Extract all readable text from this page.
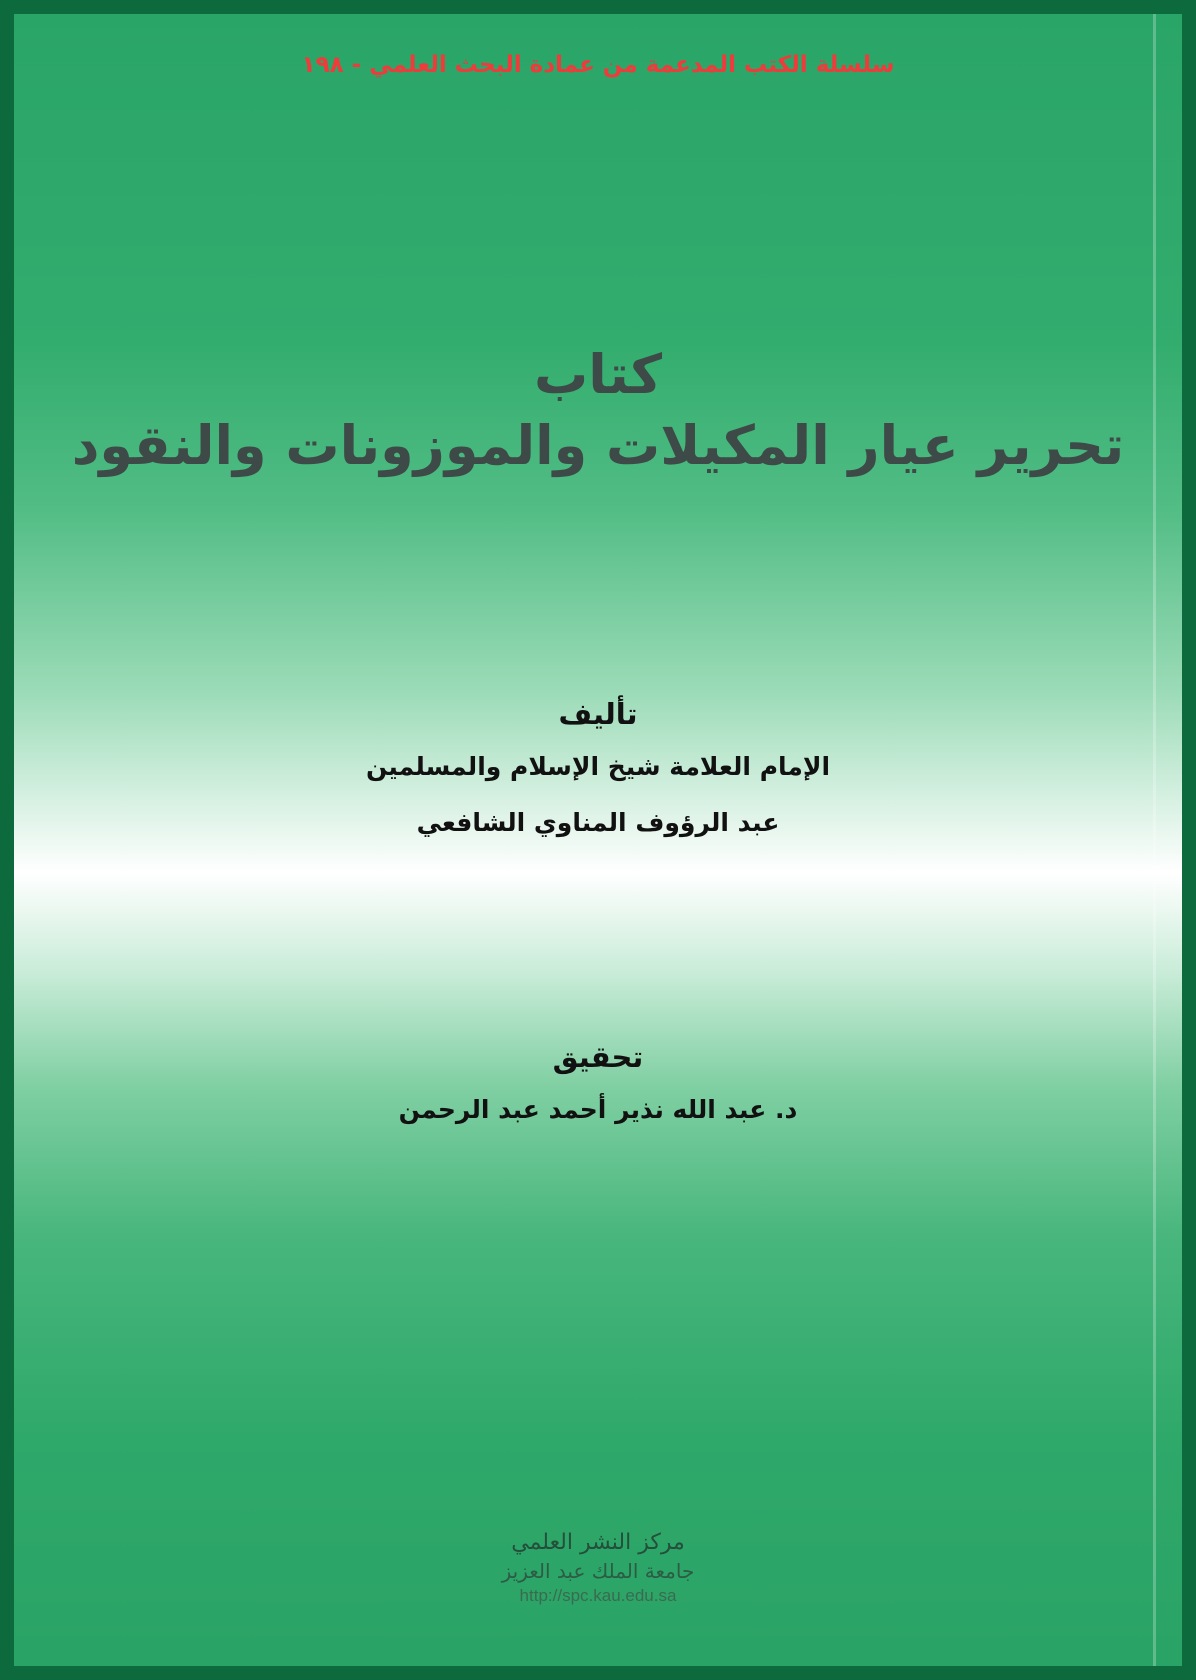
سلسلة الكتب المدعمة من عمادة البحث العلمي - ١٩٨
كتاب
تحرير عيار المكيلات والموزونات والنقود
تأليف
الإمام العلامة شيخ الإسلام والمسلمين
عبد الرؤوف المناوي الشافعي
تحقيق
د. عبد الله نذير أحمد عبد الرحمن
مركز النشر العلمي
جامعة الملك عبد العزيز
http://spc.kau.edu.sa
